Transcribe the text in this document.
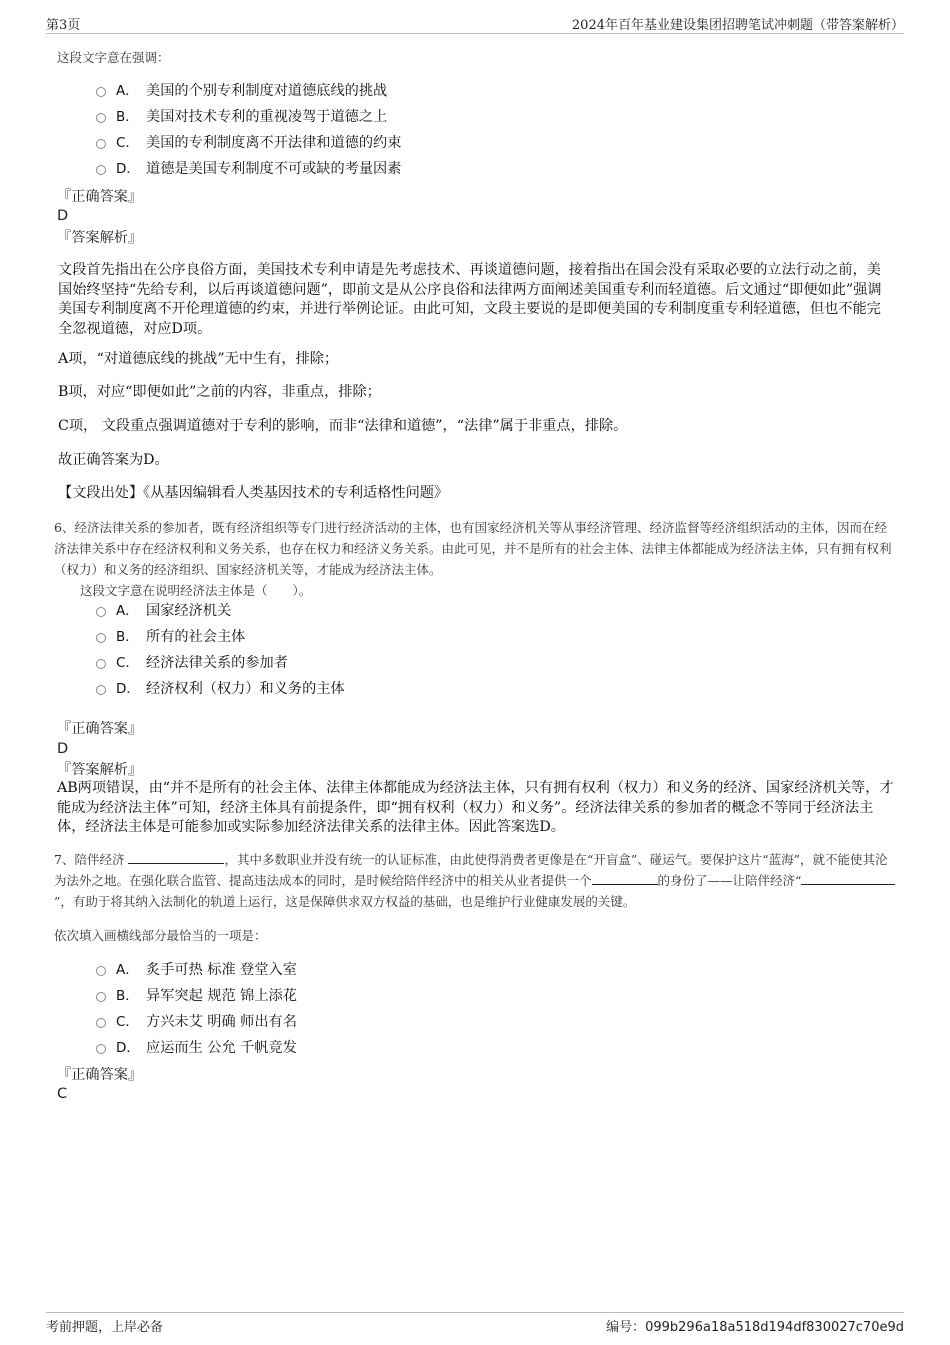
第3页	2024年百年基业建设集团招聘笔试冲刺题（带答案解析）
这段文字意在强调：
A． 美国的个别专利制度对道德底线的挑战
B． 美国对技术专利的重视凌驾于道德之上
C． 美国的专利制度离不开法律和道德的约束
D． 道德是美国专利制度不可或缺的考量因素
『正确答案』
D
『答案解析』
文段首先指出在公序良俗方面，美国技术专利申请是先考虑技术、再谈道德问题，接着指出在国会没有采取必要的立法行动之前，美国始终坚持“先给专利，以后再谈道德问题”，即前文是从公序良俗和法律两方面阐述美国重专利而轻道德。后文通过“即便如此”强调美国专利制度离不开伦理道德的约束，并进行举例论证。由此可知，文段主要说的是即便美国的专利制度重专利轻道德，但也不能完全忽视道德，对应D项。
A项，“对道德底线的挑战”无中生有，排除；
B项，对应“即便如此”之前的内容，非重点，排除；
C项， 文段重点强调道德对于专利的影响，而非“法律和道德”，“法律”属于非重点，排除。
故正确答案为D。
【文段出处】《从基因编辑看人类基因技术的专利适格性问题》
6、经济法律关系的参加者，既有经济组织等专门进行经济活动的主体，也有国家经济机关等从事经济管理、经济监督等经济组织活动的主体，因而在经济法律关系中存在经济权利和义务关系，也存在权力和经济义务关系。由此可见，并不是所有的社会主体、法律主体都能成为经济法主体，只有拥有权利（权力）和义务的经济组织、国家经济机关等，才能成为经济法主体。
这段文字意在说明经济法主体是（　　）。
A． 国家经济机关
B． 所有的社会主体
C． 经济法律关系的参加者
D． 经济权利（权力）和义务的主体
『正确答案』
D
『答案解析』
AB两项错误，由“并不是所有的社会主体、法律主体都能成为经济法主体，只有拥有权利（权力）和义务的经济、国家经济机关等，才能成为经济法主体”可知，经济主体具有前提条件，即“拥有权利（权力）和义务”。经济法律关系的参加者的概念不等同于经济法主体，经济法主体是可能参加或实际参加经济法律关系的法律主体。因此答案选D。
7、陪伴经济	，其中多数职业并没有统一的认证标准，由此使得消费者更像是在“开盲盒”、碰运气。要保护这片“蓝海”，就不能使其沦为法外之地。在强化联合监管、提高违法成本的同时，是时候给陪伴经济中的相关从业者提供一个	的身份了——让陪伴经济“”，有助于将其纳入法制化的轨道上运行，这是保障供求双方权益的基础，也是维护行业健康发展的关键。
依次填入画横线部分最恰当的一项是：
A． 炙手可热 标准 登堂入室
B． 异军突起 规范 锦上添花
C． 方兴未艾 明确 师出有名
D． 应运而生 公允 千帆竞发
『正确答案』
C
考前押题，上岸必备	编号：099b296a18a518d194df830027c70e9d
